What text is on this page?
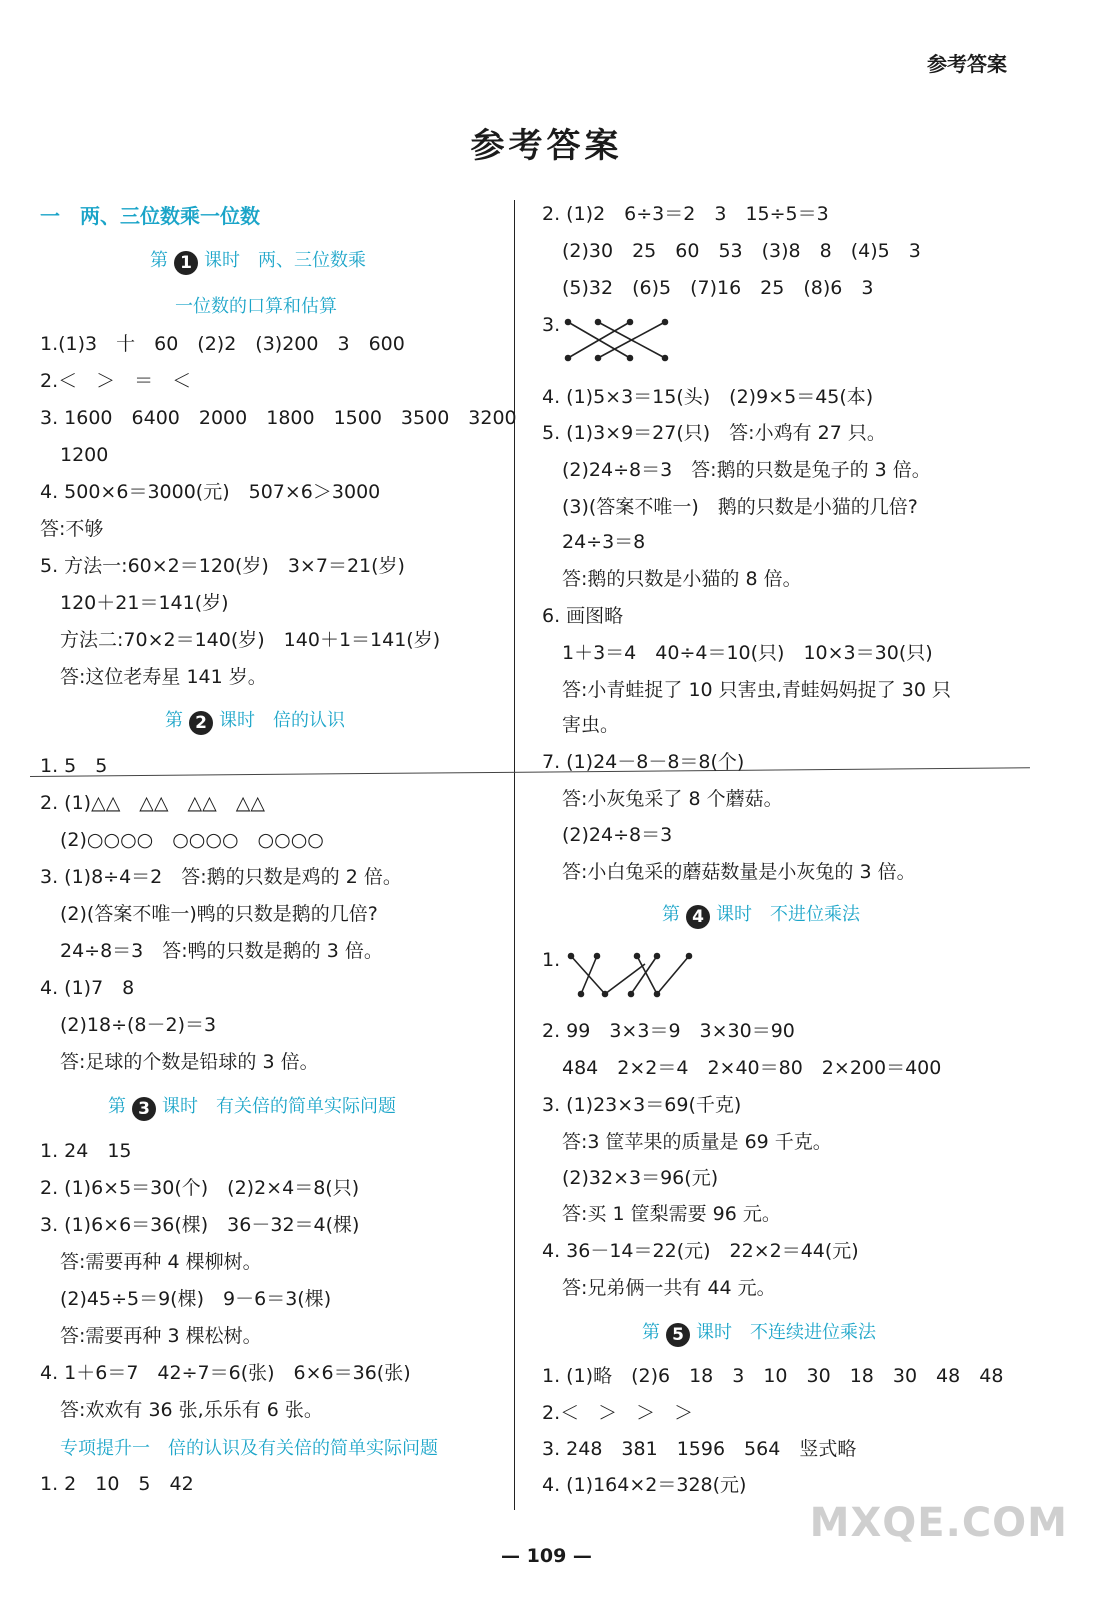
参考答案
参考答案
一　两、三位数乘一位数
第 1 课时　 两、三位数乘
一位数的口算和估算
1.(1)3　十　60　(2)2　(3)200　3　600
2.＜　＞　＝　＜
3. 1600　6400　2000　1800　1500　3500　3200
1200
4. 500×6＝3000(元)　507×6＞3000
答:不够
5. 方法一:60×2＝120(岁)　3×7＝21(岁)
120＋21＝141(岁)
方法二:70×2＝140(岁)　140＋1＝141(岁)
答:这位老寿星 141 岁。
第 2 课时　 倍的认识
1. 5　5
2. (1)△△　△△　△△　△△
(2)○○○○　○○○○　○○○○
3. (1)8÷4＝2　答:鹅的只数是鸡的 2 倍。
(2)(答案不唯一)鸭的只数是鹅的几倍?
24÷8＝3　答:鸭的只数是鹅的 3 倍。
4. (1)7　8
(2)18÷(8－2)＝3
答:足球的个数是铅球的 3 倍。
第 3 课时　 有关倍的简单实际问题
1. 24　15
2. (1)6×5＝30(个)　(2)2×4＝8(只)
3. (1)6×6＝36(棵)　36－32＝4(棵)
答:需要再种 4 棵柳树。
(2)45÷5＝9(棵)　9－6＝3(棵)
答:需要再种 3 棵松树。
4. 1＋6＝7　42÷7＝6(张)　6×6＝36(张)
答:欢欢有 36 张,乐乐有 6 张。
专项提升一　 倍的认识及有关倍的简单实际问题
1. 2　10　5　42
2. (1)2　6÷3＝2　3　15÷5＝3
(2)30　25　60　53　(3)8　8　(4)5　3
(5)32　(6)5　(7)16　25　(8)6　3
3.
4. (1)5×3＝15(头)　(2)9×5＝45(本)
5. (1)3×9＝27(只)　答:小鸡有 27 只。
(2)24÷8＝3　答:鹅的只数是兔子的 3 倍。
(3)(答案不唯一)　鹅的只数是小猫的几倍?
24÷3＝8
答:鹅的只数是小猫的 8 倍。
6. 画图略
1＋3＝4　40÷4＝10(只)　10×3＝30(只)
答:小青蛙捉了 10 只害虫,青蛙妈妈捉了 30 只
害虫。
7. (1)24－8－8＝8(个)
答:小灰兔采了 8 个蘑菇。
(2)24÷8＝3
答:小白兔采的蘑菇数量是小灰兔的 3 倍。
第 4 课时　 不进位乘法
1.
2. 99　3×3＝9　3×30＝90
484　2×2＝4　2×40＝80　2×200＝400
3. (1)23×3＝69(千克)
答:3 筐苹果的质量是 69 千克。
(2)32×3＝96(元)
答:买 1 筐梨需要 96 元。
4. 36－14＝22(元)　22×2＝44(元)
答:兄弟俩一共有 44 元。
第 5 课时　 不连续进位乘法
1. (1)略　(2)6　18　3　10　30　18　30　48　48
2.＜　＞　＞　＞
3. 248　381　1596　564　竖式略
4. (1)164×2＝328(元)
— 109 —
MXQE.COM
